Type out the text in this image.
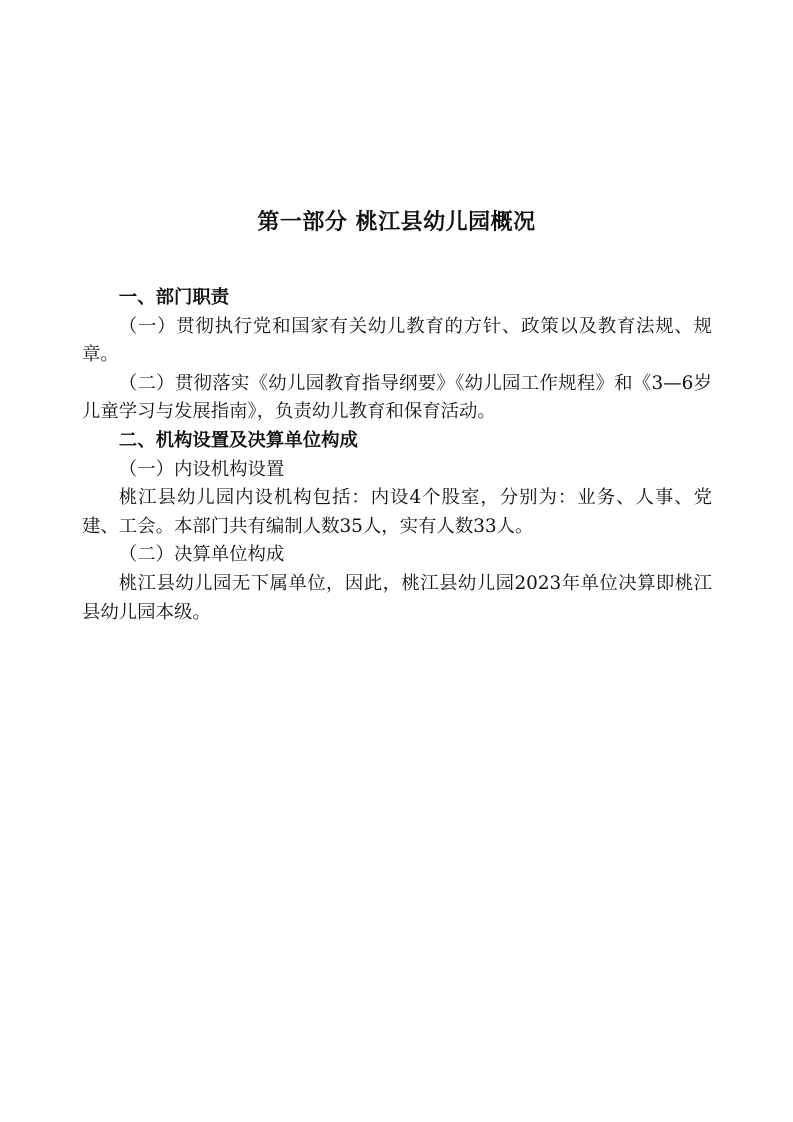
第一部分 桃江县幼儿园概况

一、部门职责

（一）贯彻执行党和国家有关幼儿教育的方针、政策以及教育法规、规章。

（二）贯彻落实《幼儿园教育指导纲要》《幼儿园工作规程》和《3—6岁儿童学习与发展指南》，负责幼儿教育和保育活动。

二、机构设置及决算单位构成

（一）内设机构设置

桃江县幼儿园内设机构包括：内设4个股室，分别为：业务、人事、党建、工会。本部门共有编制人数35人，实有人数33人。

（二）决算单位构成

桃江县幼儿园无下属单位，因此，桃江县幼儿园2023年单位决算即桃江县幼儿园本级。
